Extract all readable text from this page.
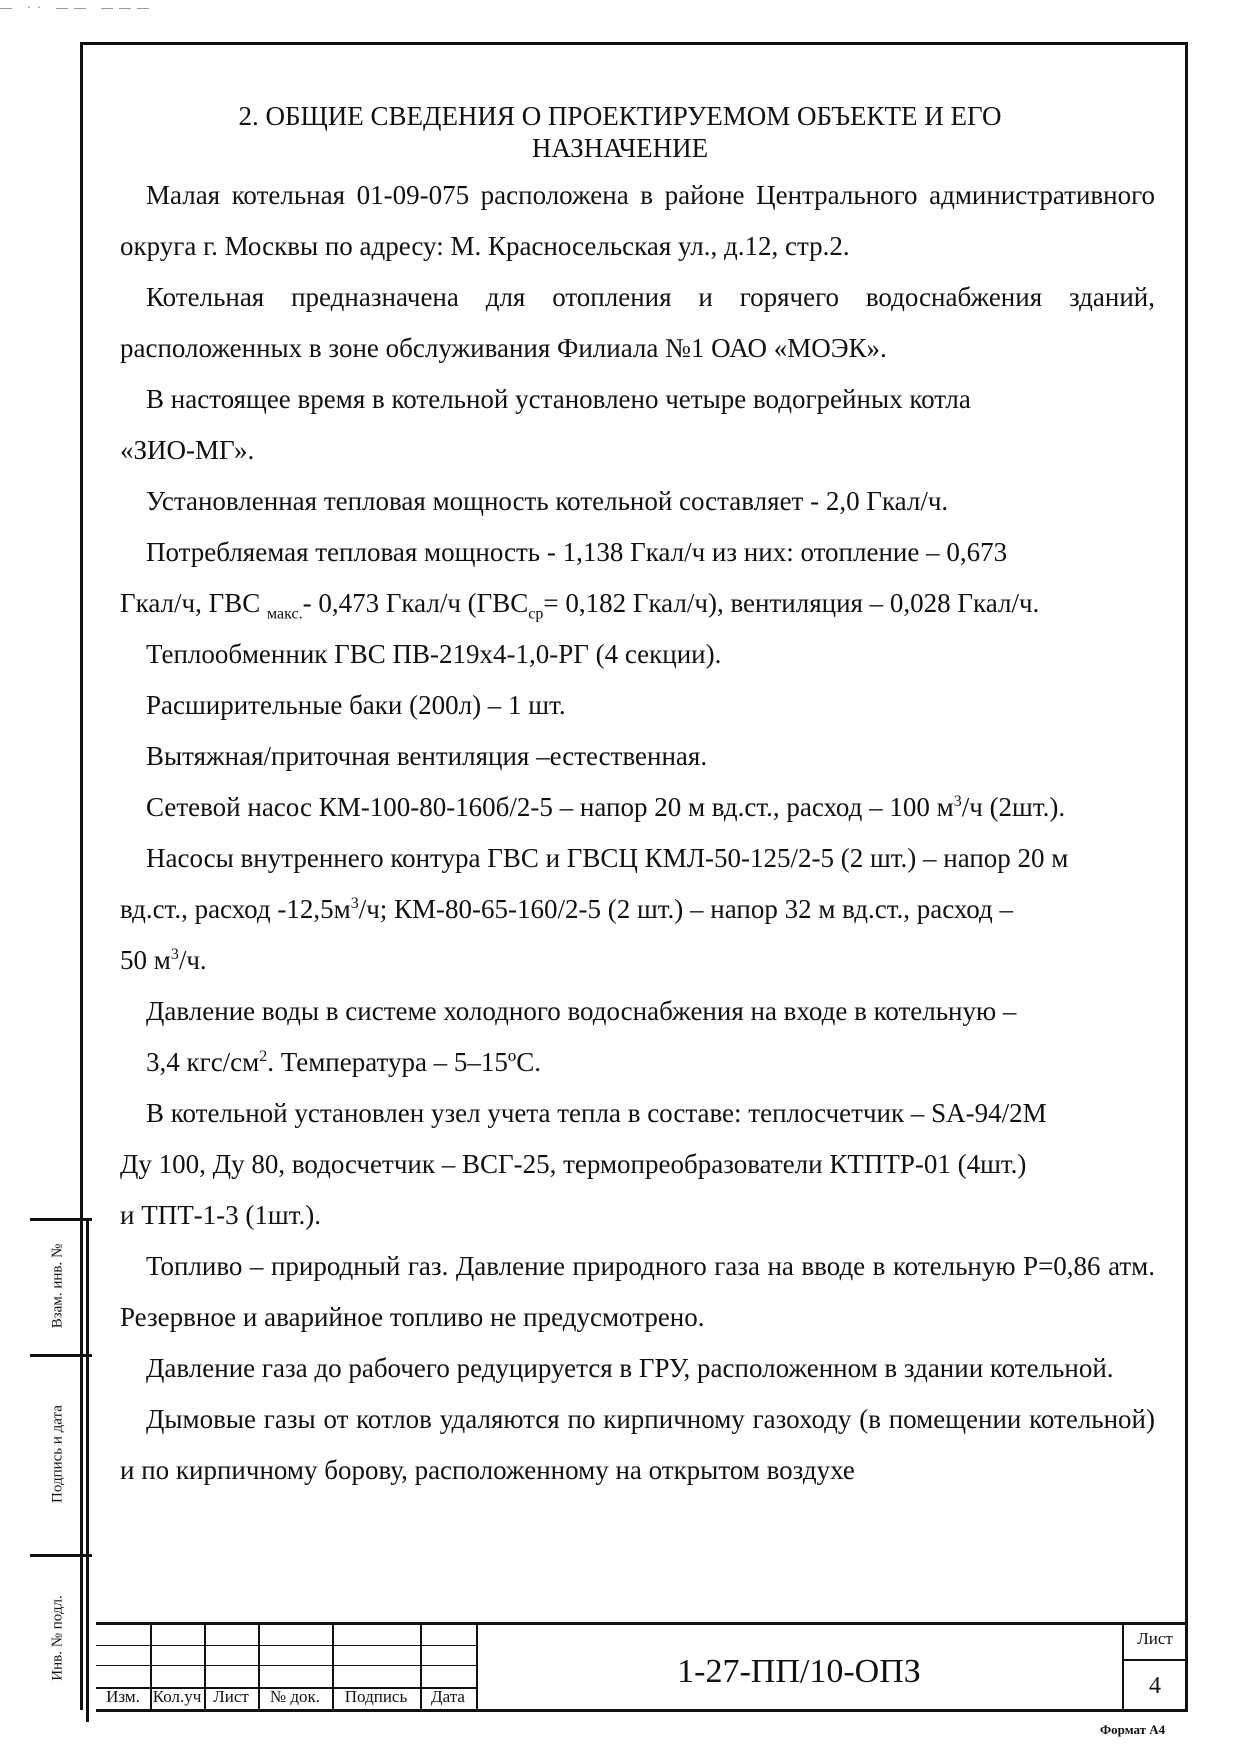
— ·· —— ———
2. ОБЩИЕ СВЕДЕНИЯ О ПРОЕКТИРУЕМОМ ОБЪЕКТЕ И ЕГО
НАЗНАЧЕНИЕ

Малая котельная 01-09-075 расположена в районе Центрального административного округа г. Москвы по адресу: М. Красносельская ул., д.12, стр.2.

Котельная предназначена для отопления и горячего водоснабжения зданий, расположенных в зоне обслуживания Филиала №1 ОАО «МОЭК».

В настоящее время в котельной установлено четыре водогрейных котла
«ЗИО-МГ».

Установленная тепловая мощность котельной составляет - 2,0 Гкал/ч.

Потребляемая тепловая мощность - 1,138 Гкал/ч из них: отопление – 0,673
Гкал/ч, ГВС $_{макс.}$- 0,473 Гкал/ч ($ГВС_{ср}= 0,182$ Гкал/ч), вентиляция – 0,028 Гкал/ч.

Теплообменник ГВС ПВ-219х4-1,0-РГ (4 секции).

Расширительные баки (200л) – 1 шт.

Вытяжная/приточная вентиляция –естественная.

Сетевой насос КМ-100-80-160б/2-5 – напор 20 м вд.ст., расход – 100 $м^3/ч$ (2шт.).

Насосы внутреннего контура ГВС и ГВСЦ КМЛ-50-125/2-5 (2 шт.) – напор 20 м
вд.ст., расход $-12,5м^3/ч$; КМ-80-65-160/2-5 (2 шт.) – напор 32 м вд.ст., расход –
50 $м^3/ч$.

Давление воды в системе холодного водоснабжения на входе в котельную –
3,4 кгс/$см^2$. Температура – 5–15ºС.

В котельной установлен узел учета тепла в составе: теплосчетчик – SA-94/2М
Ду 100, Ду 80, водосчетчик – ВСГ-25, термопреобразователи КТПТР-01 (4шт.)
и ТПТ-1-3 (1шт.).

Топливо – природный газ. Давление природного газа на вводе в котельную Р=0,86 атм. Резервное и аварийное топливо не предусмотрено.

Давление газа до рабочего редуцируется в ГРУ, расположенном в здании котельной.

Дымовые газы от котлов удаляются по кирпичному газоходу (в помещении котельной) и по кирпичному борову, расположенному на открытом воздухе

Взам. инв. №
Подпись и дата
Инв. № подл.
Изм. Кол.уч Лист	№ док.	Подпись	Дата
1-27-ПП/10-ОПЗ
Лист
4
Формат А4
